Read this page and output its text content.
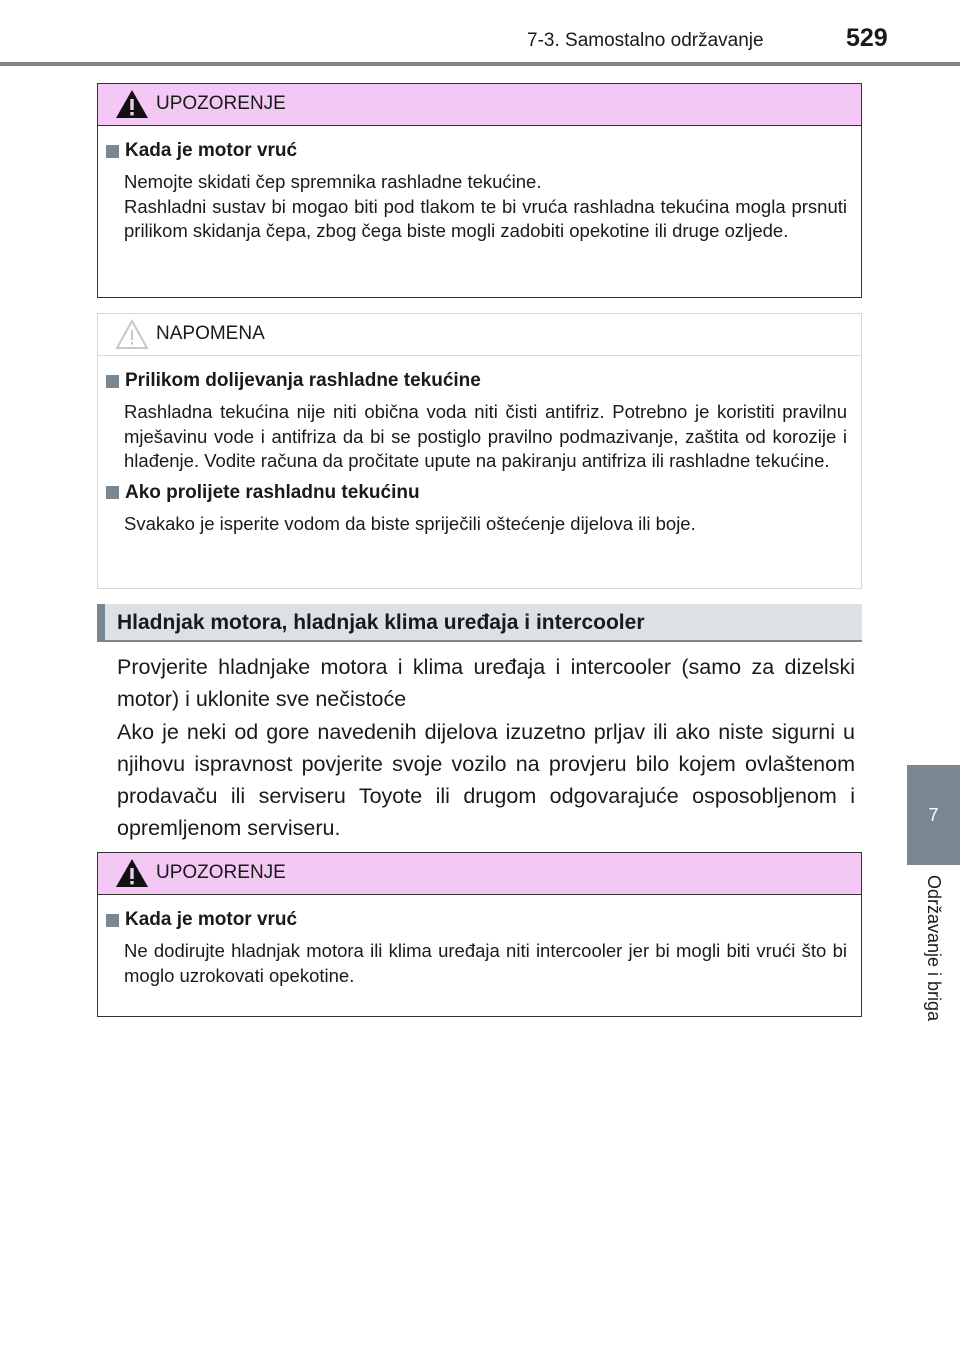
7-3. Samostalno održavanje	529
7
Održavanje i briga
UPOZORENJE
Kada je motor vruć
Nemojte skidati čep spremnika rashladne tekućine.
Rashladni sustav bi mogao biti pod tlakom te bi vruća rashladna tekućina mogla prsnuti prilikom skidanja čepa, zbog čega biste mogli zadobiti opekotine ili druge ozljede.
NAPOMENA
Prilikom dolijevanja rashladne tekućine
Rashladna tekućina nije niti obična voda niti čisti antifriz. Potrebno je koristiti pravilnu mješavinu vode i antifriza da bi se postiglo pravilno podmazivanje, zaštita od korozije i hlađenje. Vodite računa da pročitate upute na pakiranju antifriza ili rashladne tekućine.
Ako prolijete rashladnu tekućinu
Svakako je isperite vodom da biste spriječili oštećenje dijelova ili boje.
Hladnjak motora, hladnjak klima uređaja i intercooler

Provjerite hladnjake motora i klima uređaja i intercooler (samo za dizelski motor) i uklonite sve nečistoće

Ako je neki od gore navedenih dijelova izuzetno prljav ili ako niste sigurni u njihovu ispravnost povjerite svoje vozilo na provjeru bilo kojem ovlaštenom prodavaču ili serviseru Toyote ili drugom odgovarajuće osposobljenom i opremljenom serviseru.

UPOZORENJE
Kada je motor vruć
Ne dodirujte hladnjak motora ili klima uređaja niti intercooler jer bi mogli biti vrući što bi moglo uzrokovati opekotine.
